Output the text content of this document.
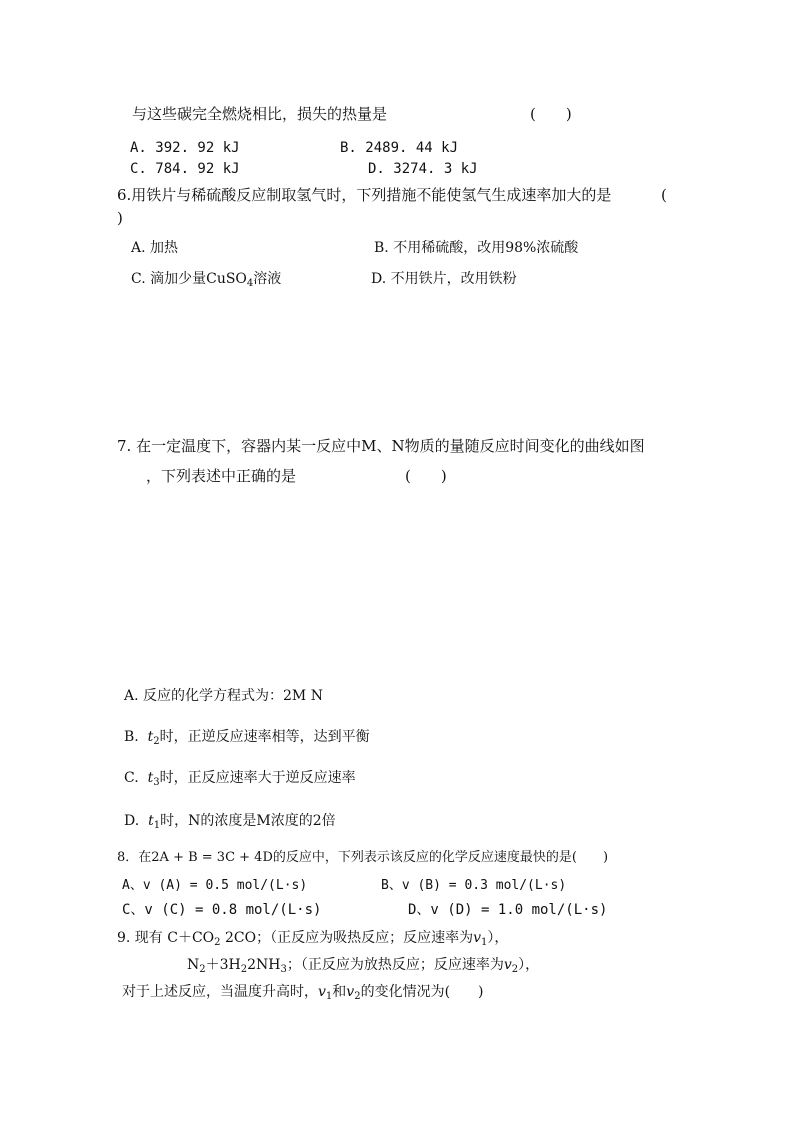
与这些碳完全燃烧相比，损失的热量是	(　　)
A. 392. 92 kJ	B. 2489. 44 kJ
C. 784. 92 kJ	D. 3274. 3 kJ
6.用铁片与稀硫酸反应制取氢气时，下列措施不能使氢气生成速率加大的是	(
)
A. 加热	B. 不用稀硫酸，改用98%浓硫酸
C. 滴加少量CuSO$_4$溶液	D. 不用铁片，改用铁粉
7. 在一定温度下，容器内某一反应中M、N物质的量随反应时间变化的曲线如图
，下列表述中正确的是	(　　)
A. 反应的化学方程式为：2M N
B. $t_2$时，正逆反应速率相等，达到平衡
C. $t_3$时，正反应速率大于逆反应速率
D. $t_1$时，N的浓度是M浓度的2倍
8．在2A + B = 3C + 4D的反应中，下列表示该反应的化学反应速度最快的是(　　)
A、v (A) = 0.5 mol/(L·s)	B、v (B) = 0.3 mol/(L·s)
C、v (C) = 0.8 mol/(L·s)	D、v (D) = 1.0 mol/(L·s)
9. 现有 $C+CO_2$ 2CO；（正反应为吸热反应；反应速率为$v_1$），
$N_2+3H_22NH_3$；（正反应为放热反应；反应速率为$v_2$），
对于上述反应，当温度升高时，$v_1$和$v_2$的变化情况为(　　)
